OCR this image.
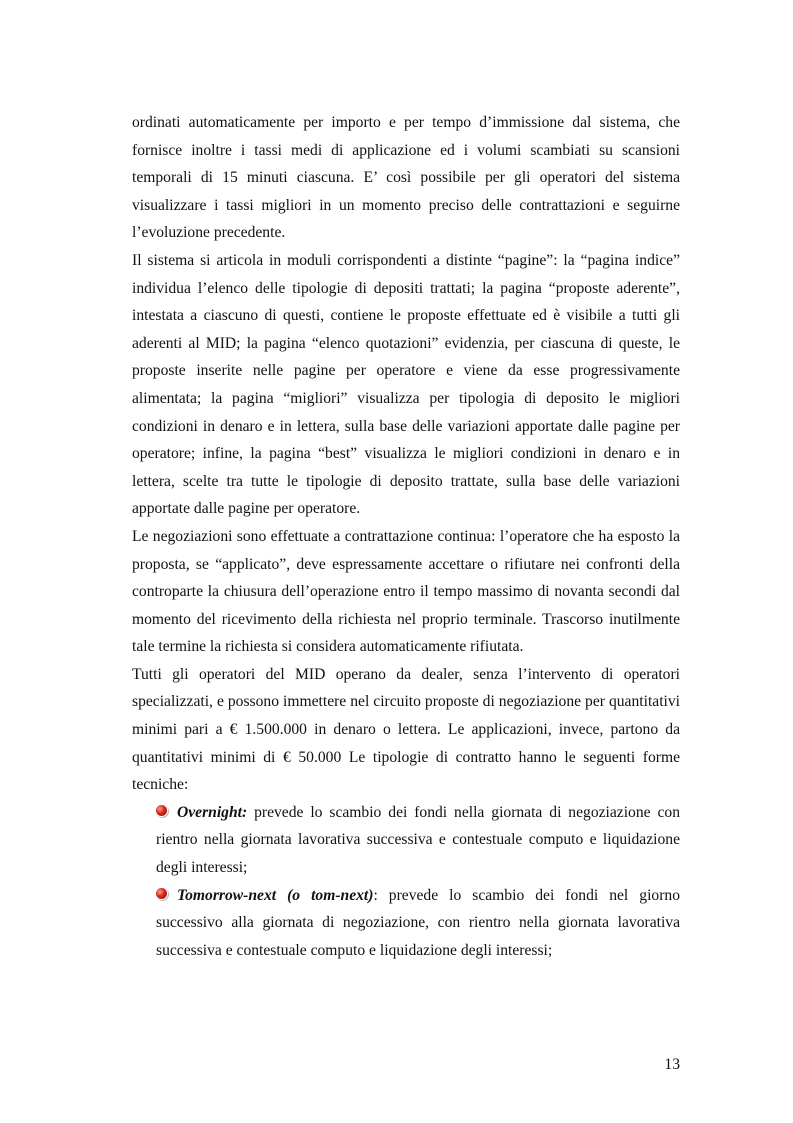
ordinati automaticamente per importo e per tempo d’immissione dal sistema, che fornisce inoltre i tassi medi di applicazione ed i volumi scambiati su scansioni temporali di 15 minuti ciascuna. E’ così possibile per gli operatori del sistema visualizzare i tassi migliori in un momento preciso delle contrattazioni e seguirne l’evoluzione precedente.

Il sistema si articola in moduli corrispondenti a distinte “pagine”: la “pagina indice” individua l’elenco delle tipologie di depositi trattati; la pagina “proposte aderente”, intestata a ciascuno di questi, contiene le proposte effettuate ed è visibile a tutti gli aderenti al MID; la pagina “elenco quotazioni” evidenzia, per ciascuna di queste, le proposte inserite nelle pagine per operatore e viene da esse progressivamente alimentata; la pagina “migliori” visualizza per tipologia di deposito le migliori condizioni in denaro e in lettera, sulla base delle variazioni apportate dalle pagine per operatore; infine, la pagina “best” visualizza le migliori condizioni in denaro e in lettera, scelte tra tutte le tipologie di deposito trattate, sulla base delle variazioni apportate dalle pagine per operatore.

Le negoziazioni sono effettuate a contrattazione continua: l’operatore che ha esposto la proposta, se “applicato”, deve espressamente accettare o rifiutare nei confronti della controparte la chiusura dell’operazione entro il tempo massimo di novanta secondi dal momento del ricevimento della richiesta nel proprio terminale. Trascorso inutilmente tale termine la richiesta si considera automaticamente rifiutata.

Tutti gli operatori del MID operano da dealer, senza l’intervento di operatori specializzati, e possono immettere nel circuito proposte di negoziazione per quantitativi minimi pari a € 1.500.000 in denaro o lettera. Le applicazioni, invece, partono da quantitativi minimi di € 50.000 Le tipologie di contratto hanno le seguenti forme tecniche:

Overnight: prevede lo scambio dei fondi nella giornata di negoziazione con rientro nella giornata lavorativa successiva e contestuale computo e liquidazione degli interessi;
Tomorrow-next (o tom-next): prevede lo scambio dei fondi nel giorno successivo alla giornata di negoziazione, con rientro nella giornata lavorativa successiva e contestuale computo e liquidazione degli interessi;
13
